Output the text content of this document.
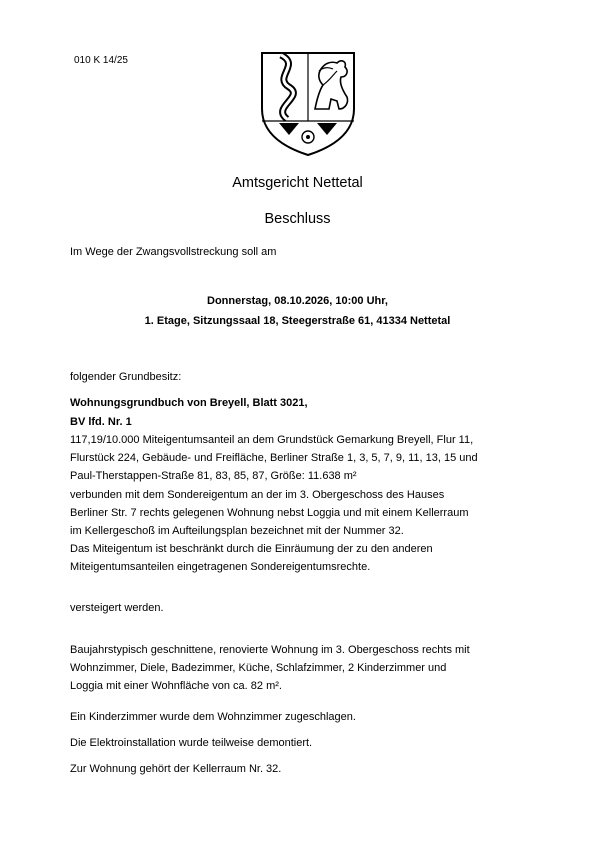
010 K 14/25
Amtsgericht Nettetal
Beschluss
Im Wege der Zwangsvollstreckung soll am
Donnerstag, 08.10.2026, 10:00 Uhr,
1. Etage, Sitzungssaal 18, Steegerstraße 61, 41334 Nettetal
folgender Grundbesitz:
Wohnungsgrundbuch von Breyell, Blatt 3021,
BV lfd. Nr. 1
117,19/10.000 Miteigentumsanteil an dem Grundstück Gemarkung Breyell, Flur 11,
Flurstück 224, Gebäude- und Freifläche, Berliner Straße 1, 3, 5, 7, 9, 11, 13, 15 und
Paul-Therstappen-Straße 81, 83, 85, 87, Größe: 11.638 m²
verbunden mit dem Sondereigentum an der im 3. Obergeschoss des Hauses
Berliner Str. 7 rechts gelegenen Wohnung nebst Loggia und mit einem Kellerraum
im Kellergeschoß im Aufteilungsplan bezeichnet mit der Nummer 32.
Das Miteigentum ist beschränkt durch die Einräumung der zu den anderen
Miteigentumsanteilen eingetragenen Sondereigentumsrechte.
versteigert werden.
Baujahrstypisch geschnittene, renovierte Wohnung im 3. Obergeschoss rechts mit
Wohnzimmer, Diele, Badezimmer, Küche, Schlafzimmer, 2 Kinderzimmer und
Loggia mit einer Wohnfläche von ca. 82 m².
Ein Kinderzimmer wurde dem Wohnzimmer zugeschlagen.
Die Elektroinstallation wurde teilweise demontiert.
Zur Wohnung gehört der Kellerraum Nr. 32.
